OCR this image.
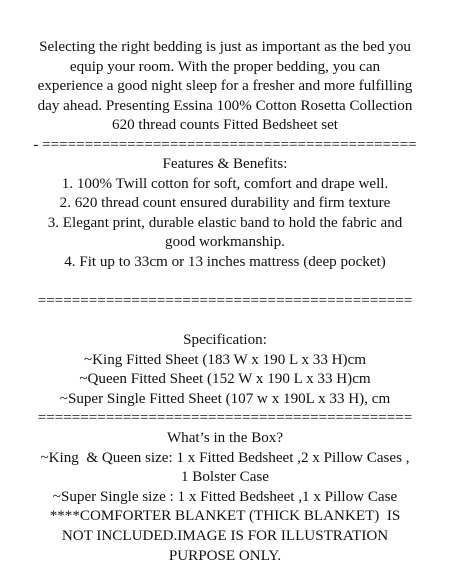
Selecting the right bedding is just as important as the bed you
equip your room. With the proper bedding, you can
experience a good night sleep for a fresher and more fulfilling
day ahead. Presenting Essina 100% Cotton Rosetta Collection
620 thread counts Fitted Bedsheet set
- ============================================
Features & Benefits:
1. 100% Twill cotton for soft, comfort and drape well.
2. 620 thread count ensured durability and firm texture
3. Elegant print, durable elastic band to hold the fabric and
good workmanship.
4. Fit up to 33cm or 13 inches mattress (deep pocket)
============================================
Specification:
~King Fitted Sheet (183 W x 190 L x 33 H)cm
~Queen Fitted Sheet (152 W x 190 L x 33 H)cm
~Super Single Fitted Sheet (107 w x 190L x 33 H), cm
============================================
What’s in the Box?
~King  & Queen size: 1 x Fitted Bedsheet ,2 x Pillow Cases ,
1 Bolster Case
~Super Single size : 1 x Fitted Bedsheet ,1 x Pillow Case
****COMFORTER BLANKET (THICK BLANKET)  IS
NOT INCLUDED.IMAGE IS FOR ILLUSTRATION
PURPOSE ONLY.
